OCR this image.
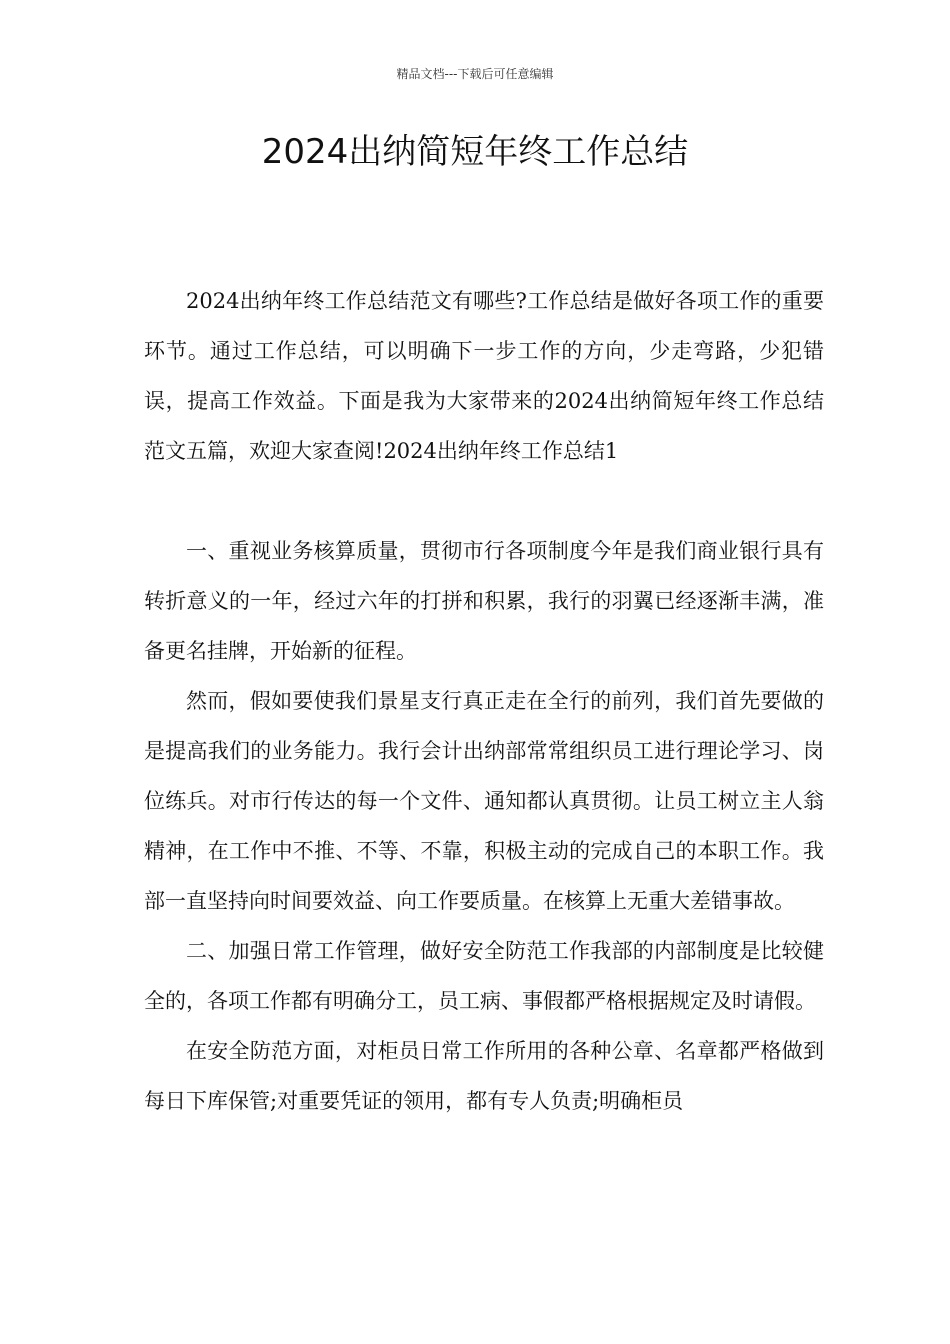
精品文档---下载后可任意编辑
2024出纳简短年终工作总结

2024出纳年终工作总结范文有哪些?工作总结是做好各项工作的重要环节。通过工作总结，可以明确下一步工作的方向，少走弯路，少犯错误，提高工作效益。下面是我为大家带来的2024出纳简短年终工作总结范文五篇，欢迎大家查阅!2024出纳年终工作总结1

一、重视业务核算质量，贯彻市行各项制度今年是我们商业银行具有转折意义的一年，经过六年的打拼和积累，我行的羽翼已经逐渐丰满，准备更名挂牌，开始新的征程。

然而，假如要使我们景星支行真正走在全行的前列，我们首先要做的是提高我们的业务能力。我行会计出纳部常常组织员工进行理论学习、岗位练兵。对市行传达的每一个文件、通知都认真贯彻。让员工树立主人翁精神，在工作中不推、不等、不靠，积极主动的完成自己的本职工作。我部一直坚持向时间要效益、向工作要质量。在核算上无重大差错事故。

二、加强日常工作管理，做好安全防范工作我部的内部制度是比较健全的，各项工作都有明确分工，员工病、事假都严格根据规定及时请假。

在安全防范方面，对柜员日常工作所用的各种公章、名章都严格做到每日下库保管;对重要凭证的领用，都有专人负责;明确柜员
